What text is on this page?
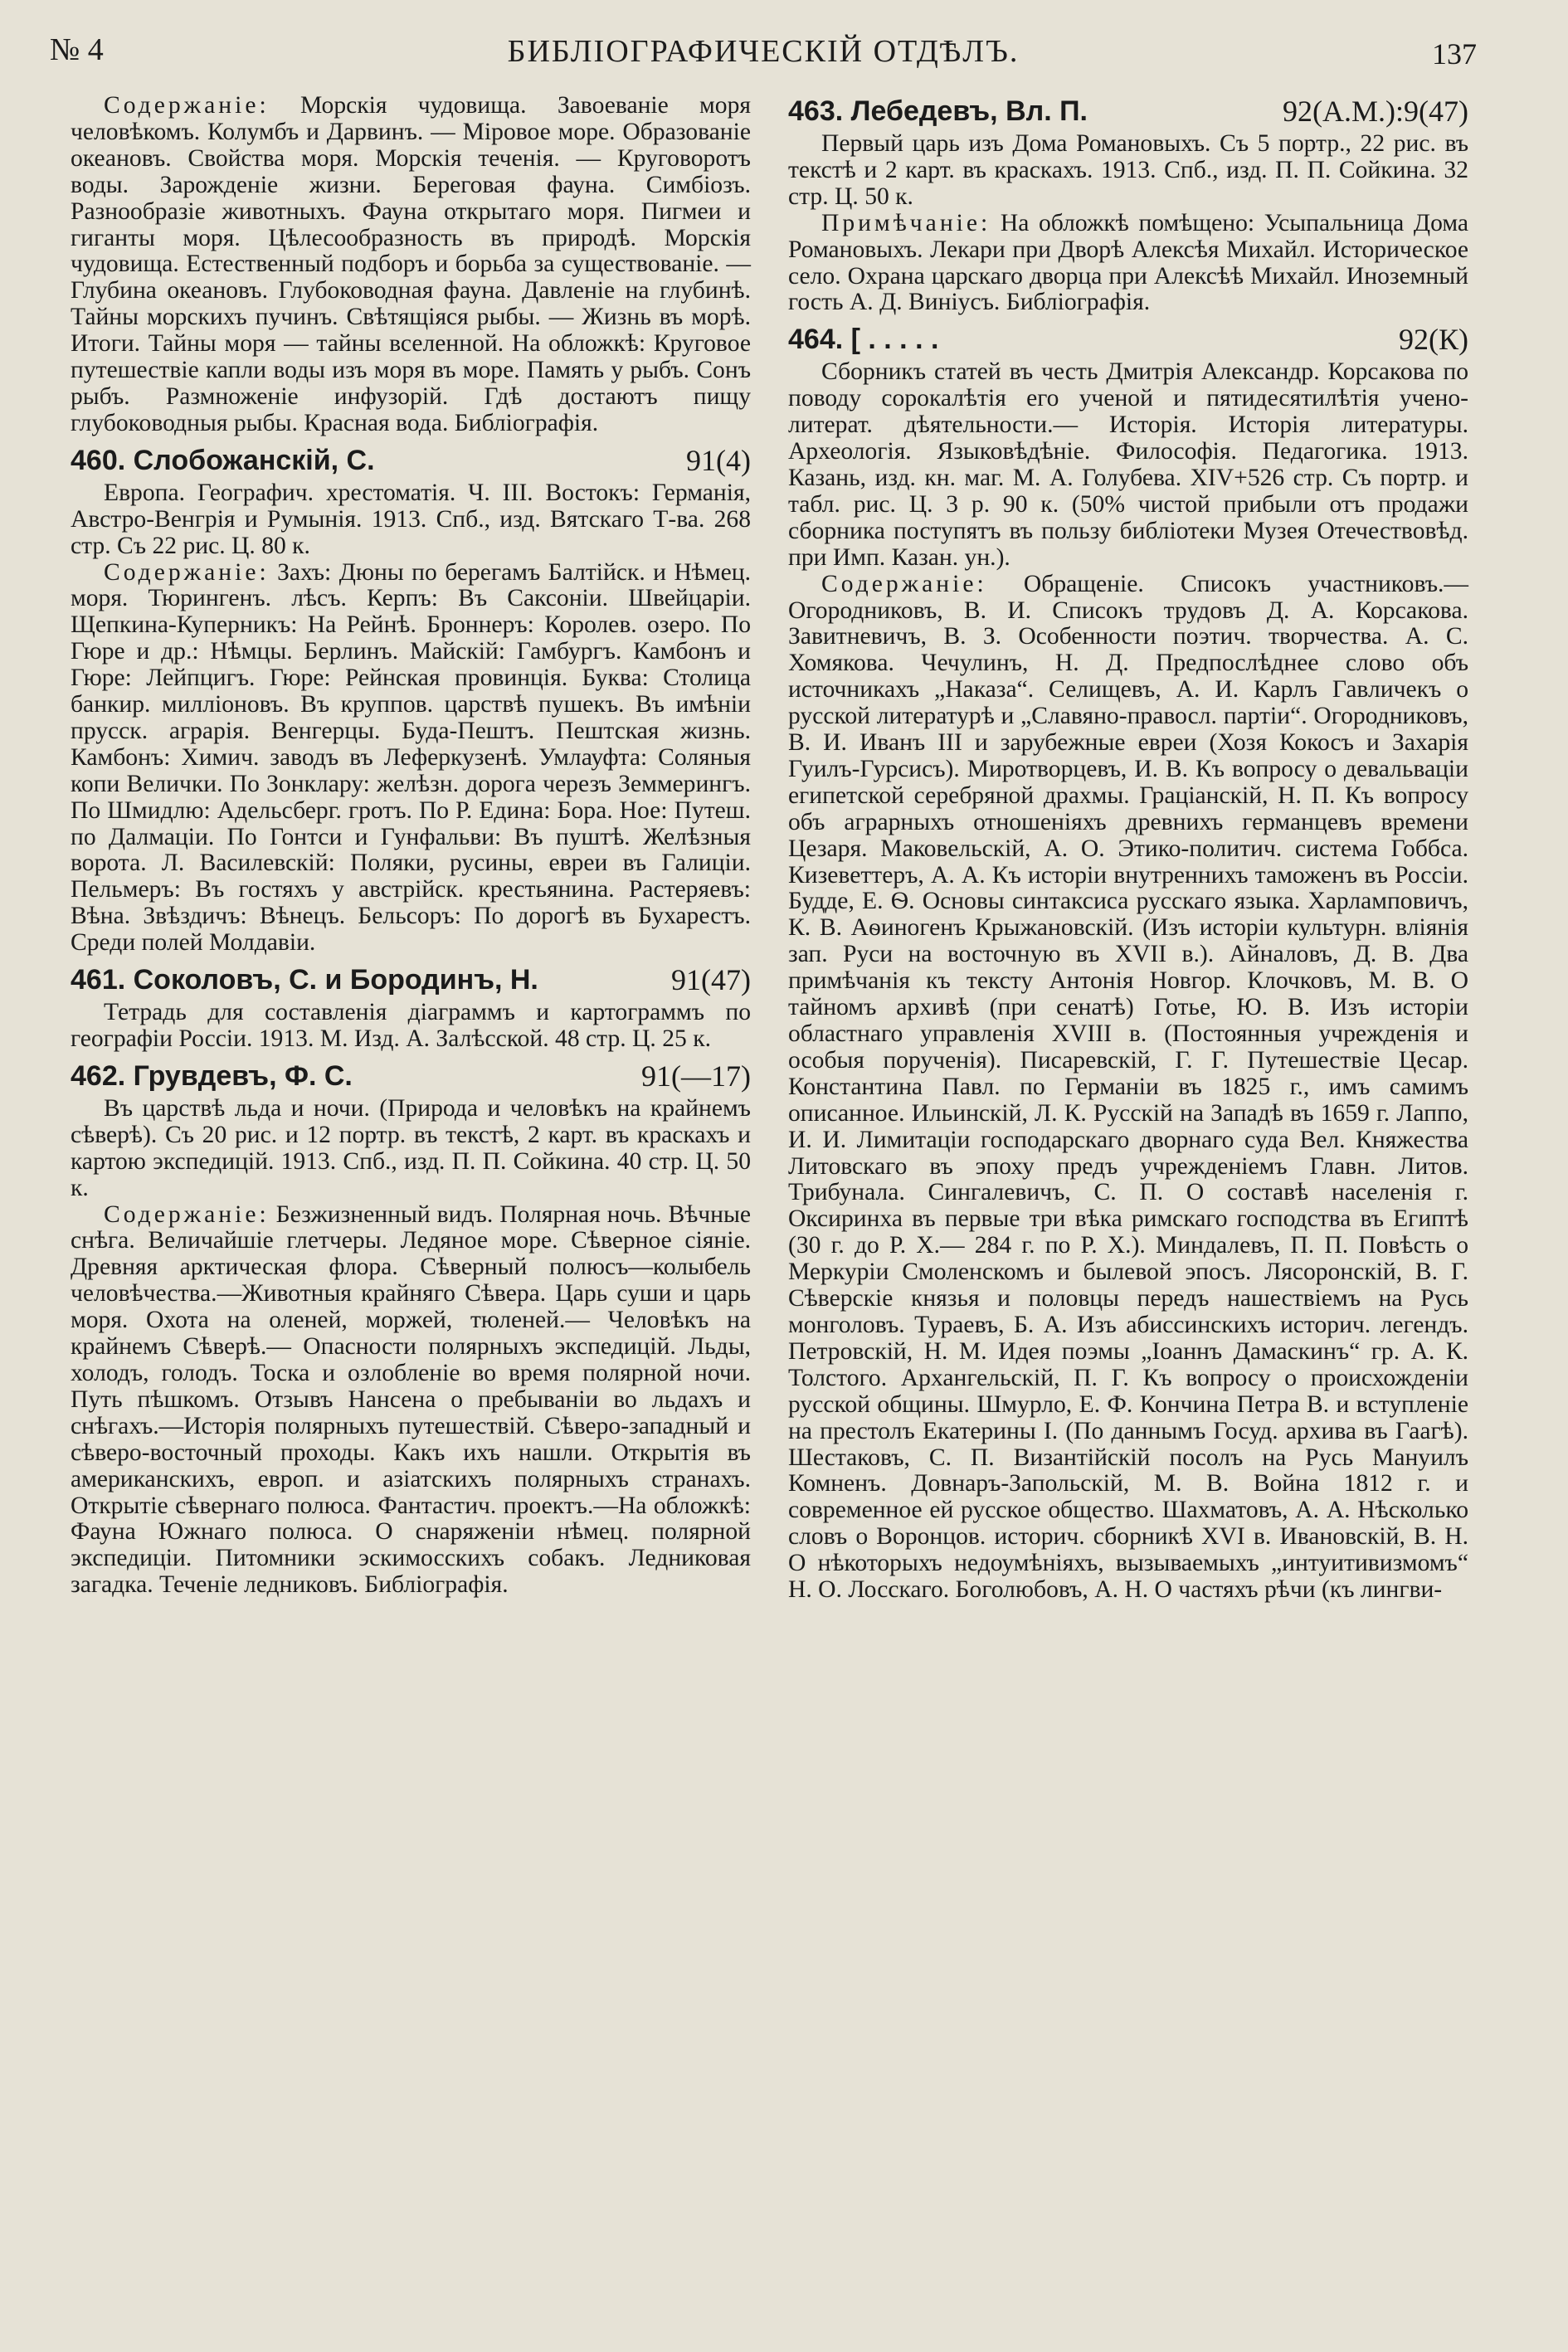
№ 4	БИБЛІОГРАФИЧЕСКІЙ ОТДѢЛЪ.	137

Содержаніе: Морскія чудовища. Завоеваніе моря человѣкомъ. Колумбъ и Дарвинъ. — Міровое море. Образованіе океановъ. Свойства моря. Морскія теченія. — Круговоротъ воды. Зарожденіе жизни. Береговая фауна. Симбіозъ. Разнообразіе животныхъ. Фауна открытаго моря. Пигмеи и гиганты моря. Цѣлесообразность въ природѣ. Морскія чудовища. Естественный подборъ и борьба за существованіе. — Глубина океановъ. Глубоководная фауна. Давленіе на глубинѣ. Тайны морскихъ пучинъ. Свѣтящіяся рыбы. — Жизнь въ морѣ. Итоги. Тайны моря — тайны вселенной. На обложкѣ: Круговое путешествіе капли воды изъ моря въ море. Память у рыбъ. Сонъ рыбъ. Размноженіе инфузорій. Гдѣ достаютъ пищу глубоководныя рыбы. Красная вода. Библіографія.

460. Слобожанскій, С.	91(4)

Европа. Географич. хрестоматія. Ч. III. Востокъ: Германія, Австро-Венгрія и Румынія. 1913. Спб., изд. Вятскаго Т-ва. 268 стр. Съ 22 рис. Ц. 80 к.

Содержаніе: Захъ: Дюны по берегамъ Балтійск. и Нѣмец. моря. Тюрингенъ. лѣсъ. Керпъ: Въ Саксоніи. Швейцаріи. Щепкина-Куперникъ: На Рейнѣ. Броннеръ: Королев. озеро. По Гюре и др.: Нѣмцы. Берлинъ. Майскій: Гамбургъ. Камбонъ и Гюре: Лейпцигъ. Гюре: Рейнская провинція. Буква: Столица банкир. милліоновъ. Въ круппов. царствѣ пушекъ. Въ имѣніи прусск. аграрія. Венгерцы. Буда-Пештъ. Пештская жизнь. Камбонъ: Химич. заводъ въ Леферкузенѣ. Умлауфта: Соляныя копи Велички. По Зонклару: желѣзн. дорога черезъ Земмерингъ. По Шмидлю: Адельсберг. гротъ. По Р. Едина: Бора. Ное: Путеш. по Далмаціи. По Гонтси и Гунфальви: Въ пуштѣ. Желѣзныя ворота. Л. Василевскій: Поляки, русины, евреи въ Галиціи. Пельмеръ: Въ гостяхъ у австрійск. крестьянина. Растеряевъ: Вѣна. Звѣздичъ: Вѣнецъ. Бельсоръ: По дорогѣ въ Бухарестъ. Среди полей Молдавіи.

461. Соколовъ, С. и Бородинъ, Н.	91(47)

Тетрадь для составленія діаграммъ и картограммъ по географіи Россіи. 1913. М. Изд. А. Залѣсской. 48 стр. Ц. 25 к.

462. Грувдевъ, Ф. С.	91(—17)

Въ царствѣ льда и ночи. (Природа и человѣкъ на крайнемъ сѣверѣ). Съ 20 рис. и 12 портр. въ текстѣ, 2 карт. въ краскахъ и картою экспедицій. 1913. Спб., изд. П. П. Сойкина. 40 стр. Ц. 50 к.

Содержаніе: Безжизненный видъ. Полярная ночь. Вѣчные снѣга. Величайшіе глетчеры. Ледяное море. Сѣверное сіяніе. Древняя арктическая флора. Сѣверный полюсъ—колыбель человѣчества.—Животныя крайняго Сѣвера. Царь суши и царь моря. Охота на оленей, моржей, тюленей.— Человѣкъ на крайнемъ Сѣверѣ.— Опасности полярныхъ экспедицій. Льды, холодъ, голодъ. Тоска и озлобленіе во время полярной ночи. Путь пѣшкомъ. Отзывъ Нансена о пребываніи во льдахъ и снѣгахъ.—Исторія полярныхъ путешествій. Сѣверо-западный и сѣверо-восточный проходы. Какъ ихъ нашли. Открытія въ американскихъ, европ. и азіатскихъ полярныхъ странахъ. Открытіе сѣвернаго полюса. Фантастич. проектъ.—На обложкѣ: Фауна Южнаго полюса. О снаряженіи нѣмец. полярной экспедиціи. Питомники эскимосскихъ собакъ. Ледниковая загадка. Теченіе ледниковъ. Библіографія.

463. Лебедевъ, Вл. П.	92(А.М.):9(47)

Первый царь изъ Дома Романовыхъ. Съ 5 портр., 22 рис. въ текстѣ и 2 карт. въ краскахъ. 1913. Спб., изд. П. П. Сойкина. 32 стр. Ц. 50 к.

Примѣчаніе: На обложкѣ помѣщено: Усыпальница Дома Романовыхъ. Лекари при Дворѣ Алексѣя Михайл. Историческое село. Охрана царскаго дворца при Алексѣѣ Михайл. Иноземный гость А. Д. Виніусъ. Библіографія.

464. [ . . . . .	92(К)

Сборникъ статей въ честь Дмитрія Александр. Корсакова по поводу сорокалѣтія его ученой и пятидесятилѣтія учено-литерат. дѣятельности.— Исторія. Исторія литературы. Археологія. Языковѣдѣніе. Философія. Педагогика. 1913. Казань, изд. кн. маг. М. А. Голубева. XIV+526 стр. Съ портр. и табл. рис. Ц. 3 р. 90 к. (50% чистой прибыли отъ продажи сборника поступятъ въ пользу библіотеки Музея Отечествовѣд. при Имп. Казан. ун.).

Содержаніе: Обращеніе. Списокъ участниковъ.—Огородниковъ, В. И. Списокъ трудовъ Д. А. Корсакова. Завитневичъ, В. З. Особенности поэтич. творчества. А. С. Хомякова. Чечулинъ, Н. Д. Предпослѣднее слово объ источникахъ „Наказа“. Селищевъ, А. И. Карлъ Гавличекъ о русской литературѣ и „Славяно-правосл. партіи“. Огородниковъ, В. И. Иванъ III и зарубежные евреи (Хозя Кокосъ и Захарія Гуилъ-Гурсисъ). Миротворцевъ, И. В. Къ вопросу о девальваціи египетской серебряной драхмы. Граціанскій, Н. П. Къ вопросу объ аграрныхъ отношеніяхъ древнихъ германцевъ времени Цезаря. Маковельскій, А. О. Этико-политич. система Гоббса. Кизеветтеръ, А. А. Къ исторіи внутреннихъ таможенъ въ Россіи. Будде, Е. Ѳ. Основы синтаксиса русскаго языка. Харламповичъ, К. В. Аѳиногенъ Крыжановскій. (Изъ исторіи культурн. вліянія зап. Руси на восточную въ XVII в.). Айналовъ, Д. В. Два примѣчанія къ тексту Антонія Новгор. Клочковъ, М. В. О тайномъ архивѣ (при сенатѣ) Готье, Ю. В. Изъ исторіи областнаго управленія XVIII в. (Постоянныя учрежденія и особыя порученія). Писаревскій, Г. Г. Путешествіе Цесар. Константина Павл. по Германіи въ 1825 г., имъ самимъ описанное. Ильинскій, Л. К. Русскій на Западѣ въ 1659 г. Лаппо, И. И. Лимитаціи господарскаго дворнаго суда Вел. Княжества Литовскаго въ эпоху предъ учрежденіемъ Главн. Литов. Трибунала. Сингалевичъ, С. П. О составѣ населенія г. Оксиринха въ первые три вѣка римскаго господства въ Египтѣ (30 г. до Р. Х.— 284 г. по Р. Х.). Миндалевъ, П. П. Повѣсть о Меркуріи Смоленскомъ и былевой эпосъ. Лясоронскій, В. Г. Сѣверскіе князья и половцы передъ нашествіемъ на Русь монголовъ. Тураевъ, Б. А. Изъ абиссинскихъ историч. легендъ. Петровскій, Н. М. Идея поэмы „Іоаннъ Дамаскинъ“ гр. А. К. Толстого. Архангельскій, П. Г. Къ вопросу о происхожденіи русской общины. Шмурло, Е. Ф. Кончина Петра В. и вступленіе на престолъ Екатерины I. (По даннымъ Госуд. архива въ Гаагѣ). Шестаковъ, С. П. Византійскій посолъ на Русь Мануилъ Комненъ. Довнаръ-Запольскій, М. В. Война 1812 г. и современное ей русское общество. Шахматовъ, А. А. Нѣсколько словъ о Воронцов. историч. сборникѣ XVI в. Ивановскій, В. Н. О нѣкоторыхъ недоумѣніяхъ, вызываемыхъ „интуитивизмомъ“ Н. О. Лосскаго. Боголюбовъ, А. Н. О частяхъ рѣчи (къ лингви-
